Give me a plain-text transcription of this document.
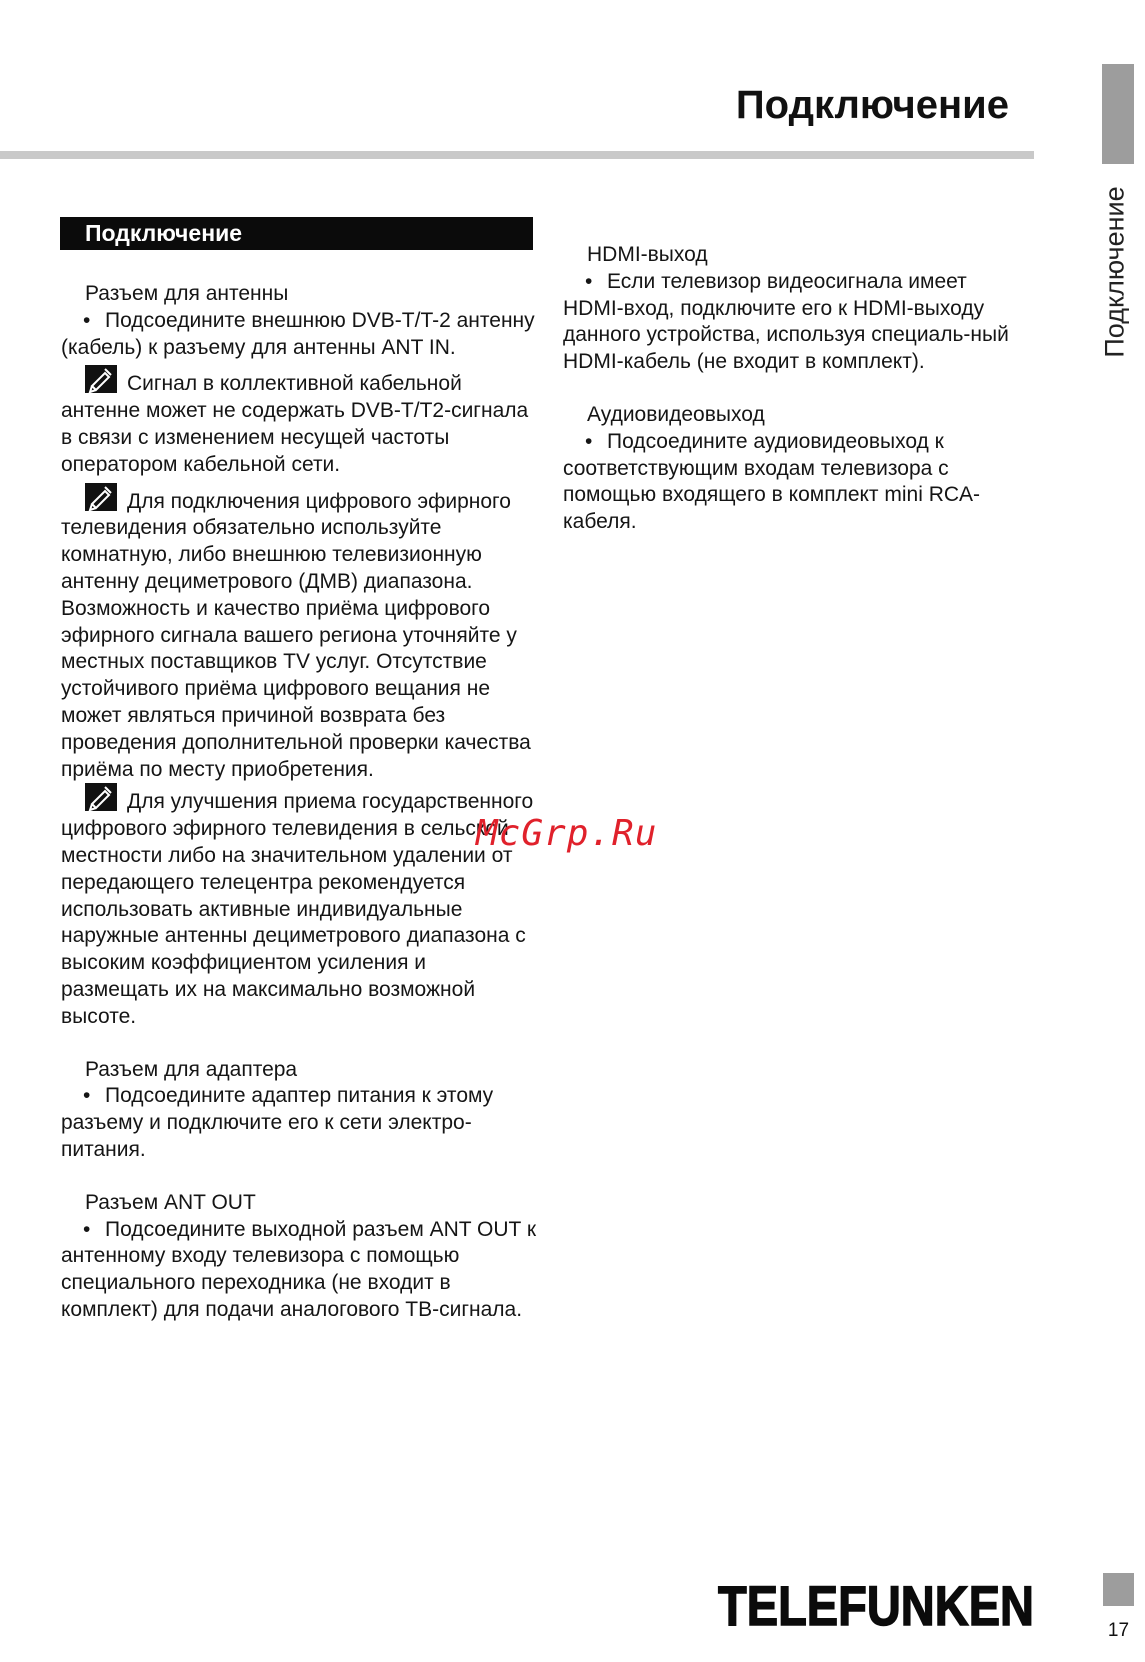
Подключение
Подключение
Подключение
Разъем для антенны

• Подсоедините внешнюю DVB-T/T-2 антенну (кабель) к разъему для антенны ANT IN.

Сигнал в коллективной кабельной антенне может не содержать DVB-T/T2-сигнала в связи с изменением несущей частоты оператором кабельной сети.

Для подключения цифрового эфирного телевидения обязательно используйте комнатную, либо внешнюю телевизионную антенну дециметрового (ДМВ) диапазона. Возможность и качество приёма цифрового эфирного сигнала вашего региона уточняйте у местных поставщиков TV услуг. Отсутствие устойчивого приёма цифрового вещания не может являться причиной возврата без проведения дополнительной проверки качества приёма по месту приобретения.

Для улучшения приема государственного цифрового эфирного телевидения в сельской местности либо на значительном удалении от передающего телецентра рекомендуется использовать активные индивидуальные наружные антенны дециметрового диапазона с высоким коэффициентом усиления и размещать их на максимально возможной высоте.

Разъем для адаптера

• Подсоедините адаптер питания к этому разъему и подключите его к сети электро-питания.

Разъем ANT OUT

• Подсоедините выходной разъем ANT OUT к антенному входу телевизора с помощью специального переходника (не входит в комплект) для подачи аналогового ТВ-сигнала.

HDMI-выход

• Если телевизор видеосигнала имеет HDMI-вход, подключите его к HDMI-выходу данного устройства, используя специаль-ный HDMI-кабель (не входит в комплект).

Аудиовидеовыход

• Подсоедините аудиовидеовыход к соответствующим входам телевизора с помощью входящего в комплект mini RCA-кабеля.

McGrp.Ru
TELEFUNKEN	17
